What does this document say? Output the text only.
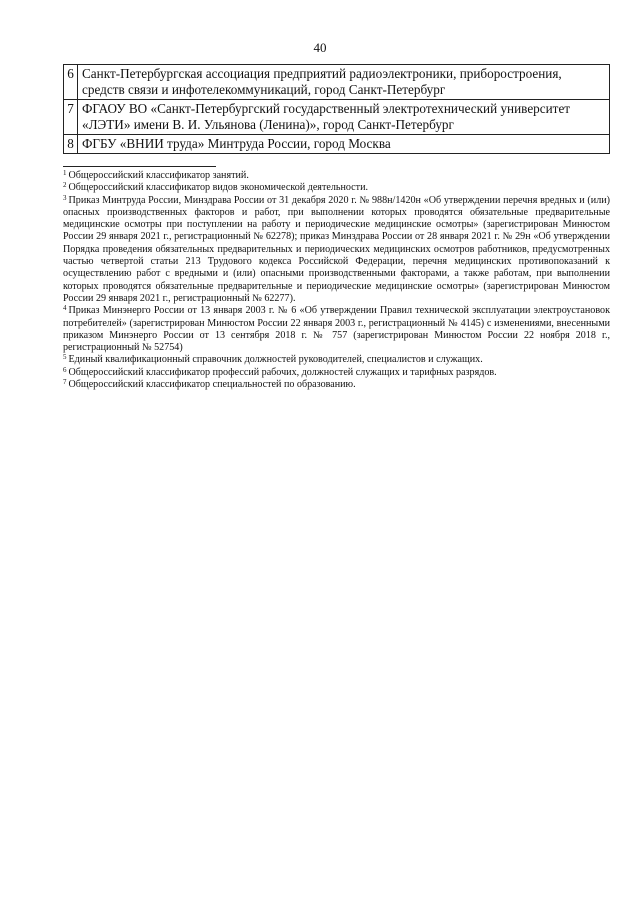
40
6	Санкт-Петербургская ассоциация предприятий радиоэлектроники, приборостроения, средств связи и инфотелекоммуникаций, город Санкт-Петербург
7	ФГАОУ ВО «Санкт-Петербургский государственный электротехнический университет «ЛЭТИ» имени В. И. Ульянова (Ленина)», город Санкт-Петербург
8	ФГБУ «ВНИИ труда» Минтруда России, город Москва

$^1$ Общероссийский классификатор занятий.

$^2$ Общероссийский классификатор видов экономической деятельности.

$^3$ Приказ Минтруда России, Минздрава России от 31 декабря 2020 г. № 988н/1420н «Об утверждении перечня вредных и (или) опасных производственных факторов и работ, при выполнении которых проводятся обязательные предварительные медицинские осмотры при поступлении на работу и периодические медицинские осмотры» (зарегистрирован Минюстом России 29 января 2021 г., регистрационный № 62278); приказ Минздрава России от 28 января 2021 г. № 29н «Об утверждении Порядка проведения обязательных предварительных и периодических медицинских осмотров работников, предусмотренных частью четвертой статьи 213 Трудового кодекса Российской Федерации, перечня медицинских противопоказаний к осуществлению работ с вредными и (или) опасными производственными факторами, а также работам, при выполнении которых проводятся обязательные предварительные и периодические медицинские осмотры» (зарегистрирован Минюстом России 29 января 2021 г., регистрационный № 62277).

$^4$ Приказ Минэнерго России от 13 января 2003 г. № 6 «Об утверждении Правил технической эксплуатации электроустановок потребителей» (зарегистрирован Минюстом России 22 января 2003 г., регистрационный № 4145) с изменениями, внесенными приказом Минэнерго России от 13 сентября 2018 г. № 757 (зарегистрирован Минюстом России 22 ноября 2018 г., регистрационный № 52754)

$^5$ Единый квалификационный справочник должностей руководителей, специалистов и служащих.

$^6$ Общероссийский классификатор профессий рабочих, должностей служащих и тарифных разрядов.

$^7$ Общероссийский классификатор специальностей по образованию.
